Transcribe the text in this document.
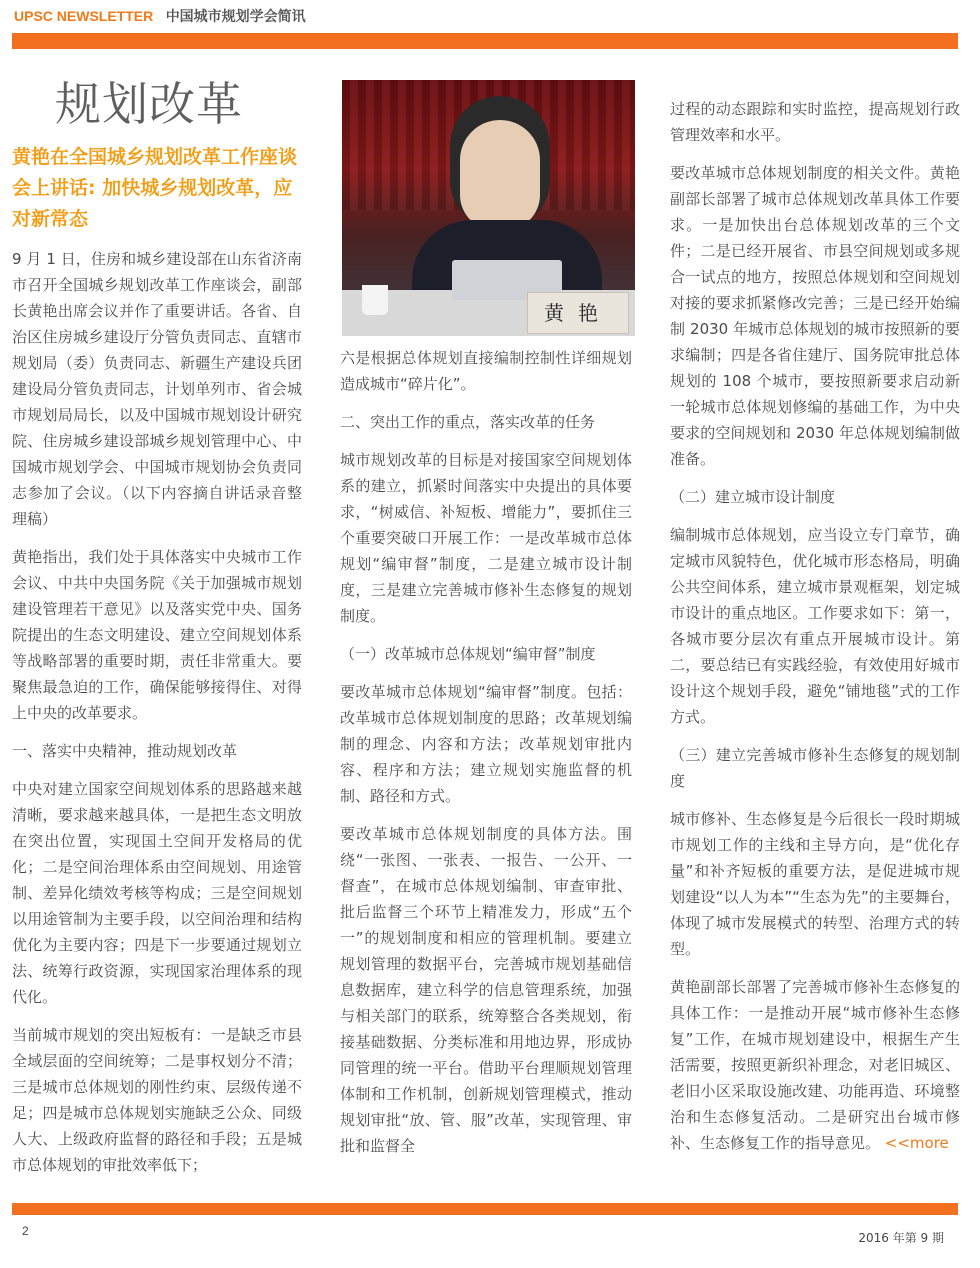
UPSC NEWSLETTER 中国城市规划学会简讯
规划改革
黄艳在全国城乡规划改革工作座谈会上讲话: 加快城乡规划改革，应对新常态

9 月 1 日，住房和城乡建设部在山东省济南市召开全国城乡规划改革工作座谈会，副部长黄艳出席会议并作了重要讲话。各省、自治区住房城乡建设厅分管负责同志、直辖市规划局（委）负责同志、新疆生产建设兵团建设局分管负责同志，计划单列市、省会城市规划局局长，以及中国城市规划设计研究院、住房城乡建设部城乡规划管理中心、中国城市规划学会、中国城市规划协会负责同志参加了会议。（以下内容摘自讲话录音整理稿）

黄艳指出，我们处于具体落实中央城市工作会议、中共中央国务院《关于加强城市规划建设管理若干意见》以及落实党中央、国务院提出的生态文明建设、建立空间规划体系等战略部署的重要时期，责任非常重大。要聚焦最急迫的工作，确保能够接得住、对得上中央的改革要求。

一、落实中央精神，推动规划改革

中央对建立国家空间规划体系的思路越来越清晰，要求越来越具体，一是把生态文明放在突出位置，实现国土空间开发格局的优化；二是空间治理体系由空间规划、用途管制、差异化绩效考核等构成；三是空间规划以用途管制为主要手段，以空间治理和结构优化为主要内容；四是下一步要通过规划立法、统筹行政资源，实现国家治理体系的现代化。

当前城市规划的突出短板有：一是缺乏市县全域层面的空间统筹；二是事权划分不清；三是城市总体规划的刚性约束、层级传递不足；四是城市总体规划实施缺乏公众、同级人大、上级政府监督的路径和手段；五是城市总体规划的审批效率低下；

黄艳

六是根据总体规划直接编制控制性详细规划造成城市“碎片化”。

二、突出工作的重点，落实改革的任务

城市规划改革的目标是对接国家空间规划体系的建立，抓紧时间落实中央提出的具体要求，“树威信、补短板、增能力”，要抓住三个重要突破口开展工作：一是改革城市总体规划“编审督”制度，二是建立城市设计制度，三是建立完善城市修补生态修复的规划制度。

（一）改革城市总体规划“编审督”制度

要改革城市总体规划“编审督”制度。包括：改革城市总体规划制度的思路；改革规划编制的理念、内容和方法；改革规划审批内容、程序和方法；建立规划实施监督的机制、路径和方式。

要改革城市总体规划制度的具体方法。围绕“一张图、一张表、一报告、一公开、一督查”，在城市总体规划编制、审查审批、批后监督三个环节上精准发力，形成“五个一”的规划制度和相应的管理机制。要建立规划管理的数据平台，完善城市规划基础信息数据库，建立科学的信息管理系统，加强与相关部门的联系，统筹整合各类规划，衔接基础数据、分类标准和用地边界，形成协同管理的统一平台。借助平台理顺规划管理体制和工作机制，创新规划管理模式，推动规划审批“放、管、服”改革，实现管理、审批和监督全

过程的动态跟踪和实时监控，提高规划行政管理效率和水平。

要改革城市总体规划制度的相关文件。黄艳副部长部署了城市总体规划改革具体工作要求。一是加快出台总体规划改革的三个文件；二是已经开展省、市县空间规划或多规合一试点的地方，按照总体规划和空间规划对接的要求抓紧修改完善；三是已经开始编制 2030 年城市总体规划的城市按照新的要求编制；四是各省住建厅、国务院审批总体规划的 108 个城市，要按照新要求启动新一轮城市总体规划修编的基础工作，为中央要求的空间规划和 2030 年总体规划编制做准备。

（二）建立城市设计制度

编制城市总体规划，应当设立专门章节，确定城市风貌特色，优化城市形态格局，明确公共空间体系，建立城市景观框架，划定城市设计的重点地区。工作要求如下：第一，各城市要分层次有重点开展城市设计。第二，要总结已有实践经验，有效使用好城市设计这个规划手段，避免“铺地毯”式的工作方式。

（三）建立完善城市修补生态修复的规划制度

城市修补、生态修复是今后很长一段时期城市规划工作的主线和主导方向，是“优化存量”和补齐短板的重要方法，是促进城市规划建设“以人为本”“生态为先”的主要舞台，体现了城市发展模式的转型、治理方式的转型。

黄艳副部长部署了完善城市修补生态修复的具体工作：一是推动开展“城市修补生态修复”工作，在城市规划建设中，根据生产生活需要，按照更新织补理念，对老旧城区、老旧小区采取设施改建、功能再造、环境整治和生态修复活动。二是研究出台城市修补、生态修复工作的指导意见。 <<more

2	2016 年第 9 期
